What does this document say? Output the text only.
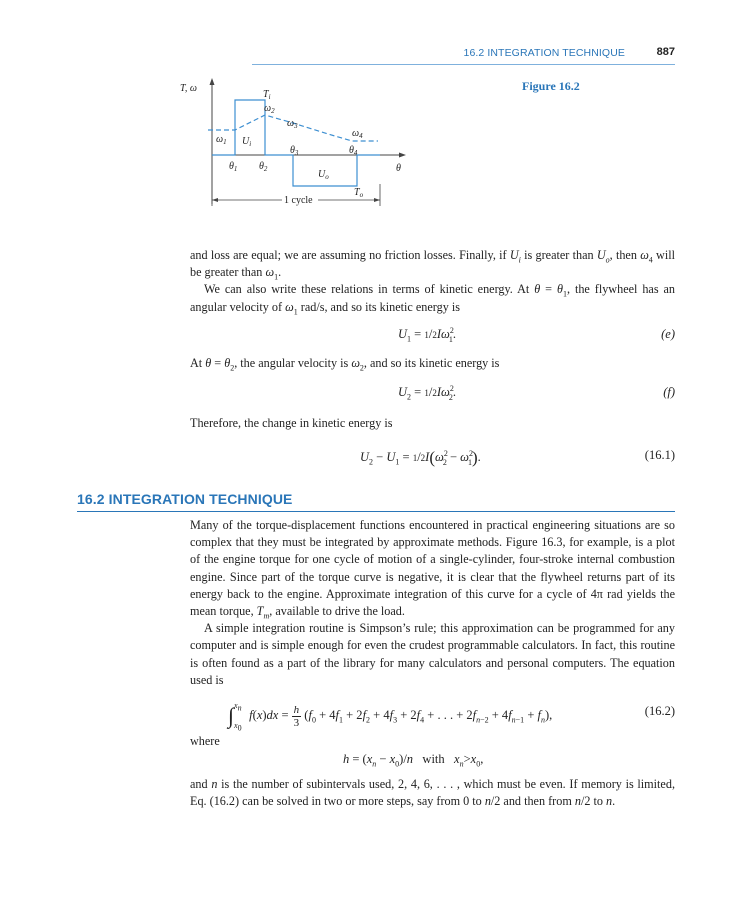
16.2 INTEGRATION TECHNIQUE	887
Figure 16.2
T, ω
$T_i$
$\omega_2$
$\omega_3$
$\omega_1$ $U_i$
$\omega_4$
$\theta_3$	$\theta_4$
$\theta_1$ $\theta_2$	$U_o$
$T_o$
θ
1 cycle

and loss are equal; we are assuming no friction losses. Finally, if $U_i$ is greater than $U_o$, then $\omega_4$ will be greater than $\omega_1$.

We can also write these relations in terms of kinetic energy. At $\theta = \theta_1$, the flywheel has an angular velocity of $\omega_1$ rad/s, and so its kinetic energy is

$U_1 = 1/2I\omega^2_1$.	(e)
At $\theta = \theta_2$, the angular velocity is $\omega_2$, and so its kinetic energy is
$U_2 = 1/2I\omega^2_2$.	(f)
Therefore, the change in kinetic energy is
$U_2 - U_1 = 1/2I(\omega^2_2 - \omega^2_1)$.	(16.1)
16.2 INTEGRATION TECHNIQUE

Many of the torque-displacement functions encountered in practical engineering situations are so complex that they must be integrated by approximate methods. Figure 16.3, for example, is a plot of the engine torque for one cycle of motion of a single-cylinder, four-stroke internal combustion engine. Since part of the torque curve is negative, it is clear that the flywheel returns part of its energy back to the engine. Approximate integration of this curve for a cycle of 4π rad yields the mean torque, $T_m$, available to drive the load.

A simple integration routine is Simpson’s rule; this approximation can be programmed for any computer and is simple enough for even the crudest programmable calculators. In fact, this routine is often found as a part of the library for many calculators and personal computers. The equation used is

∫ $x_n$
$x_0$
$f(x)dx = \frac{h}{3} (f_0 + 4f_1 + 2f_2 + 4f_3 + 2f_4$ + . . . + $2f_{n-2} + 4f_{n-1} + f_n$),	(16.2)
where
$h = (x_n - x_0)/n$ with $x_n>x_0$,

and n is the number of subintervals used, 2, 4, 6, . . . , which must be even. If memory is limited, Eq. (16.2) can be solved in two or more steps, say from 0 to n/2 and then from n/2 to n.
